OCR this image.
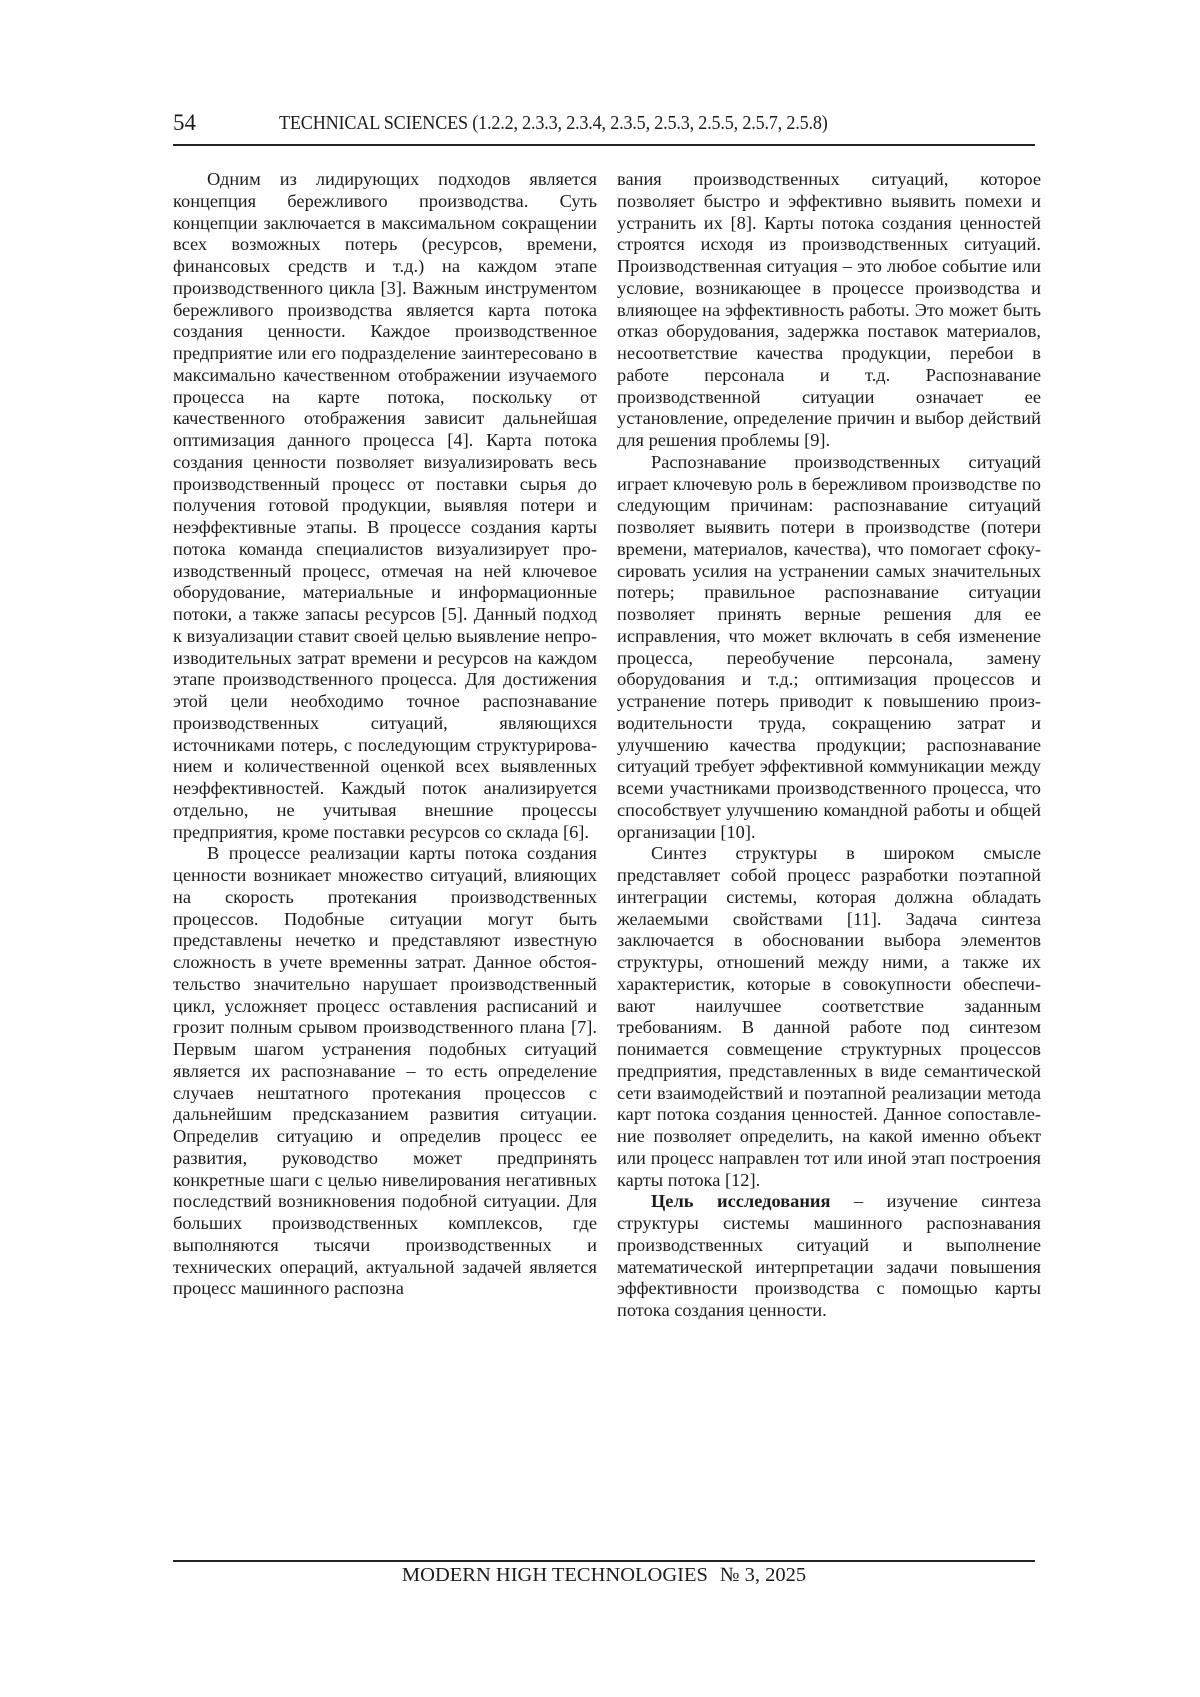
54	TECHNICAL SCIENCES (1.2.2, 2.3.3, 2.3.4, 2.3.5, 2.5.3, 2.5.5, 2.5.7, 2.5.8)

Одним из лидирующих подходов является концепция бережливого производства. Суть концепции заключается в максимальном сокращении всех возможных потерь (ресурсов, времени, финансовых средств и т.д.) на каждом этапе производственного цикла [3]. Важным инструментом бережливого производства является карта потока создания ценности. Каждое производственное предприятие или его подразделение заинтересовано в максимально качественном отображении изучаемого процесса на карте потока, поскольку от качественного отображения зависит дальнейшая оптимизация данного процесса [4]. Карта потока создания ценности позволяет визуализировать весь производственный процесс от поставки сырья до получения готовой продукции, выявляя потери и неэффективные этапы. В процессе создания карты потока команда специалистов визуализирует производственный процесс, отмечая на ней ключевое оборудование, материальные и информационные потоки, а также запасы ресурсов [5]. Данный подход к визуализации ставит своей целью выявление непроизводительных затрат времени и ресурсов на каждом этапе производственного процесса. Для достижения этой цели необходимо точное распознавание производственных ситуаций, являющихся источниками потерь, с последующим структурированием и количественной оценкой всех выявленных неэффективностей. Каждый поток анализируется отдельно, не учитывая внешние процессы предприятия, кроме поставки ресурсов со склада [6].

В процессе реализации карты потока создания ценности возникает множество ситуаций, влияющих на скорость протекания производственных процессов. Подобные ситуации могут быть представлены нечетко и представляют известную сложность в учете временны затрат. Данное обстоятельство значительно нарушает производственный цикл, усложняет процесс оставления расписаний и грозит полным срывом производственного плана [7]. Первым шагом устранения подобных ситуаций является их распознавание – то есть определение случаев нештатного протекания процессов с дальнейшим предсказанием развития ситуации. Определив ситуацию и определив процесс ее развития, руководство может предпринять конкретные шаги с целью нивелирования негативных последствий возникновения подобной ситуации. Для больших производственных комплексов, где выполняются тысячи производственных и технических операций, актуальной задачей является процесс машинного распозна

вания производственных ситуаций, которое позволяет быстро и эффективно выявить помехи и устранить их [8]. Карты потока создания ценностей строятся исходя из производственных ситуаций. Производственная ситуация – это любое событие или условие, возникающее в процессе производства и влияющее на эффективность работы. Это может быть отказ оборудования, задержка поставок материалов, несоответствие качества продукции, перебои в работе персонала и т.д. Распознавание производственной ситуации означает ее установление, определение причин и выбор действий для решения проблемы [9].

Распознавание производственных ситуаций играет ключевую роль в бережливом производстве по следующим причинам: распознавание ситуаций позволяет выявить потери в производстве (потери времени, материалов, качества), что помогает сфокусировать усилия на устранении самых значительных потерь; правильное распознавание ситуации позволяет принять верные решения для ее исправления, что может включать в себя изменение процесса, переобучение персонала, замену оборудования и т.д.; оптимизация процессов и устранение потерь приводит к повышению производительности труда, сокращению затрат и улучшению качества продукции; распознавание ситуаций требует эффективной коммуникации между всеми участниками производственного процесса, что способствует улучшению командной работы и общей организации [10].

Синтез структуры в широком смысле представляет собой процесс разработки поэтапной интеграции системы, которая должна обладать желаемыми свойствами [11]. Задача синтеза заключается в обосновании выбора элементов структуры, отношений между ними, а также их характеристик, которые в совокупности обеспечивают наилучшее соответствие заданным требованиям. В данной работе под синтезом понимается совмещение структурных процессов предприятия, представленных в виде семантической сети взаимодействий и поэтапной реализации метода карт потока создания ценностей. Данное сопоставление позволяет определить, на какой именно объект или процесс направлен тот или иной этап построения карты потока [12].

Цель исследования – изучение синтеза структуры системы машинного распознавания производственных ситуаций и выполнение математической интерпретации задачи повышения эффективности производства с помощью карты потока создания ценности.

MODERN HIGH TECHNOLOGIES № 3, 2025
